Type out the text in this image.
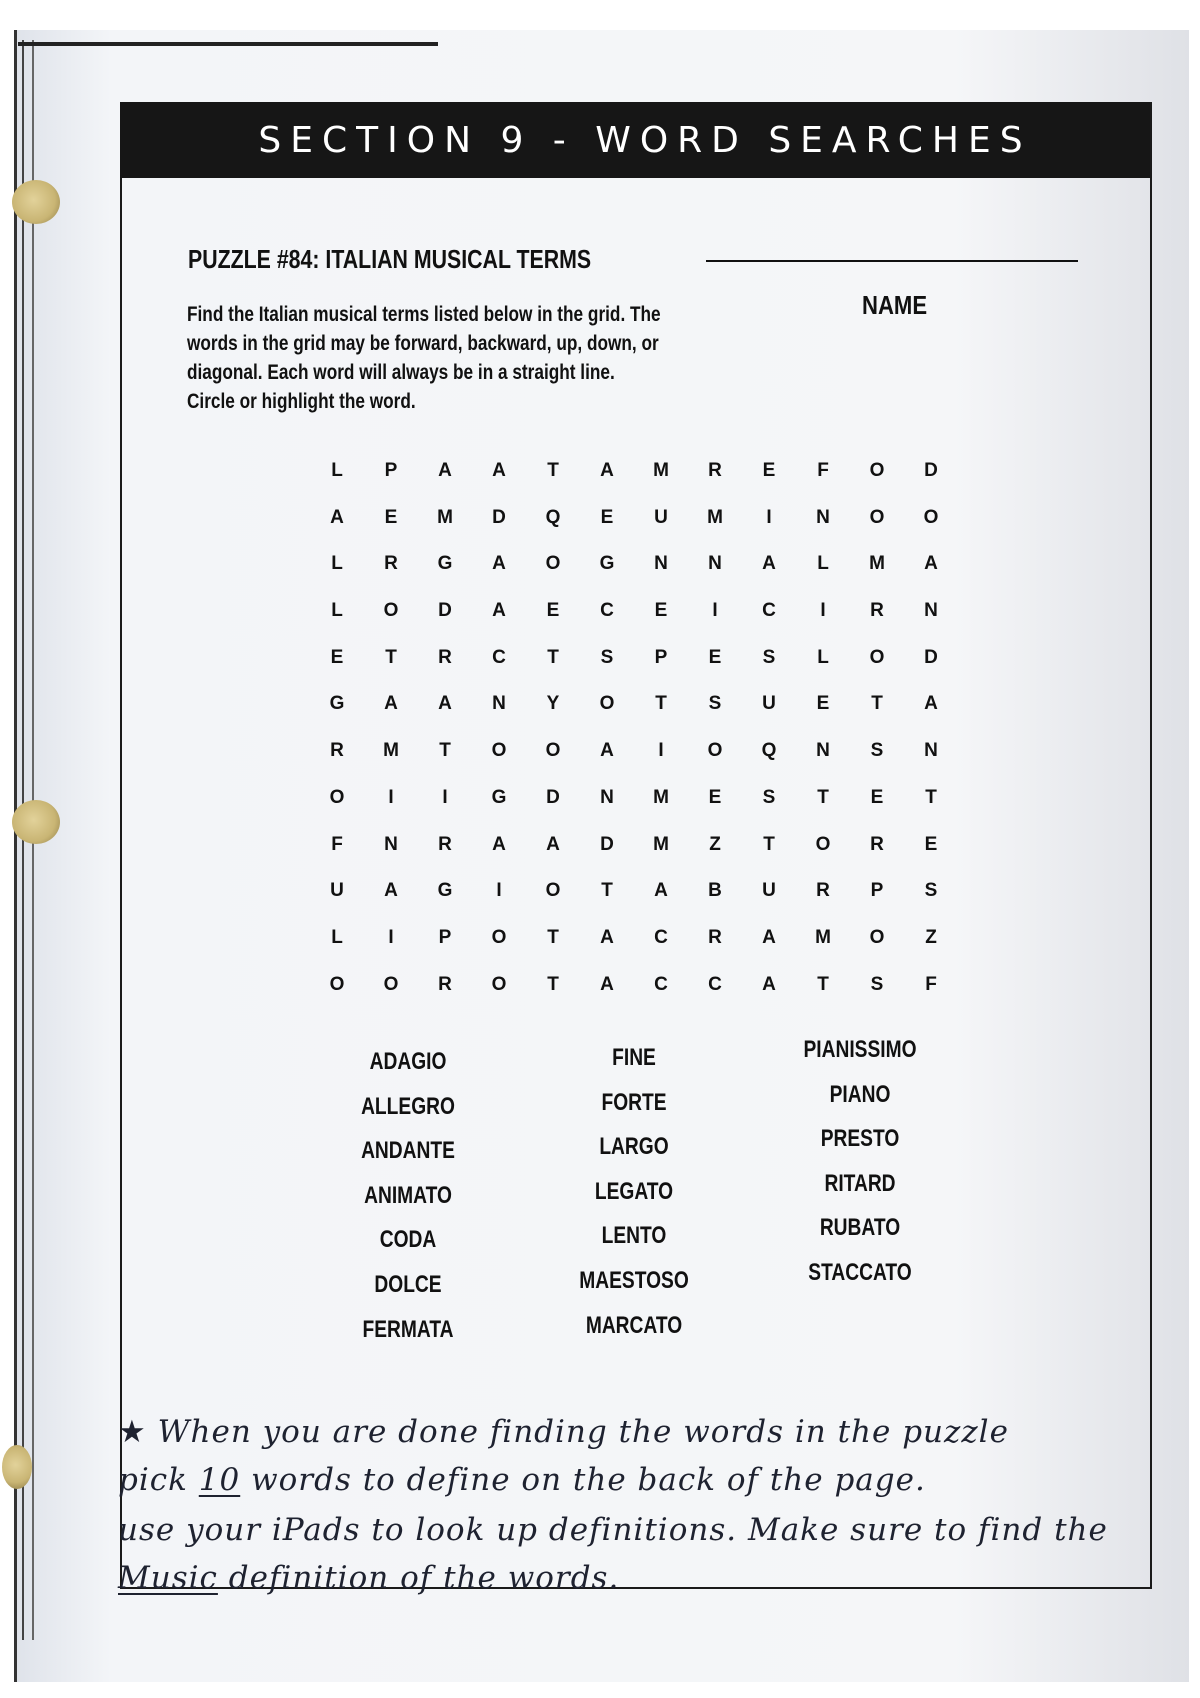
SECTION 9 - WORD SEARCHES
PUZZLE #84: ITALIAN MUSICAL TERMS
NAME
Find the Italian musical terms listed below in the grid. The words in the grid may be forward, backward, up, down, or diagonal. Each word will always be in a straight line. Circle or highlight the word.
L	P	A	A	T	A	M	R	E	F	O	D
A	E	M	D	Q	E	U	M	I	N	O	O
L	R	G	A	O	G	N	N	A	L	M	A
L	O	D	A	E	C	E	I	C	I	R	N
E	T	R	C	T	S	P	E	S	L	O	D
G	A	A	N	Y	O	T	S	U	E	T	A
R	M	T	O	O	A	I	O	Q	N	S	N
O	I	I	G	D	N	M	E	S	T	E	T
F	N	R	A	A	D	M	Z	T	O	R	E
U	A	G	I	O	T	A	B	U	R	P	S
L	I	P	O	T	A	C	R	A	M	O	Z
O	O	R	O	T	A	C	C	A	T	S	F
ADAGIO
ALLEGRO
ANDANTE
ANIMATO
CODA
DOLCE
FERMATA
FINE
FORTE
LARGO
LEGATO
LENTO
MAESTOSO
MARCATO
PIANISSIMO
PIANO
PRESTO
RITARD
RUBATO
STACCATO
★ When you are done finding the words in the puzzle
pick 10 words to define on the back of the page.
use your iPads to look up definitions. Make sure to find the
Music definition of the words.
